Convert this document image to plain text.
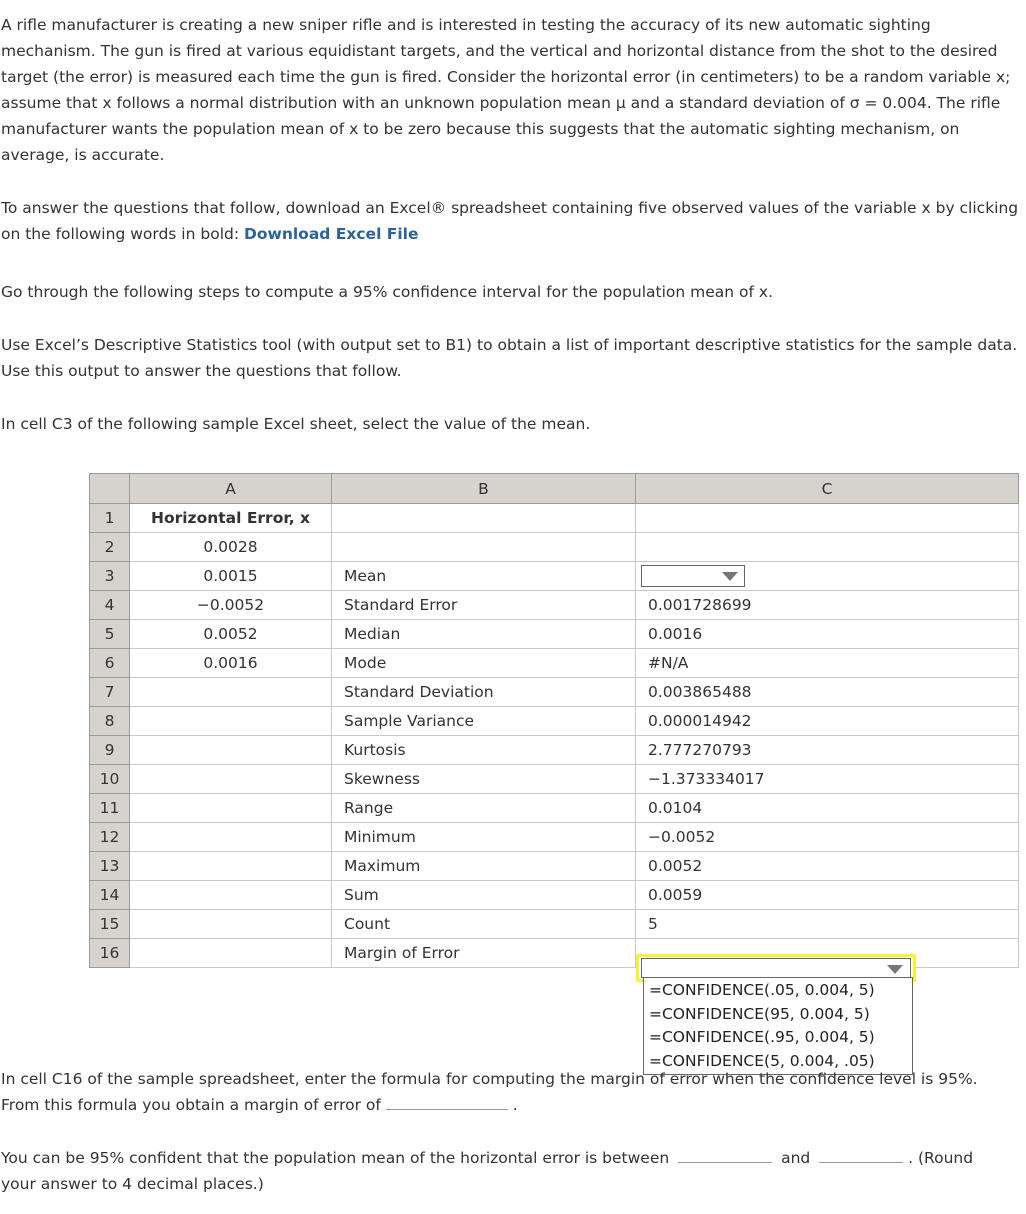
A rifle manufacturer is creating a new sniper rifle and is interested in testing the accuracy of its new automatic sighting mechanism. The gun is fired at various equidistant targets, and the vertical and horizontal distance from the shot to the desired target (the error) is measured each time the gun is fired. Consider the horizontal error (in centimeters) to be a random variable x; assume that x follows a normal distribution with an unknown population mean μ and a standard deviation of σ = 0.004. The rifle manufacturer wants the population mean of x to be zero because this suggests that the automatic sighting mechanism, on average, is accurate.

To answer the questions that follow, download an Excel® spreadsheet containing five observed values of the variable x by clicking on the following words in bold: Download Excel File

Go through the following steps to compute a 95% confidence interval for the population mean of x.

Use Excel’s Descriptive Statistics tool (with output set to B1) to obtain a list of important descriptive statistics for the sample data. Use this output to answer the questions that follow.

In cell C3 of the following sample Excel sheet, select the value of the mean.

	A	B	C
1	Horizontal Error, x		
2	0.0028		
3	0.0015	Mean	

4	−0.0052	Standard Error	0.001728699
5	0.0052	Median	0.0016
6	0.0016	Mode	#N/A
7		Standard Deviation	0.003865488
8		Sample Variance	0.000014942
9		Kurtosis	2.777270793
10		Skewness	−1.373334017
11		Range	0.0104
12		Minimum	−0.0052
13		Maximum	0.0052
14		Sum	0.0059
15		Count	5
16		Margin of Error	
=CONFIDENCE(.05, 0.004, 5)
=CONFIDENCE(95, 0.004, 5)
=CONFIDENCE(.95, 0.004, 5)
=CONFIDENCE(5, 0.004, .05)

In cell C16 of the sample spreadsheet, enter the formula for computing the margin of error when the confidence level is 95%.
From this formula you obtain a margin of error of	.

You can be 95% confident that the population mean of the horizontal error is between	and	. (Round
your answer to 4 decimal places.)
